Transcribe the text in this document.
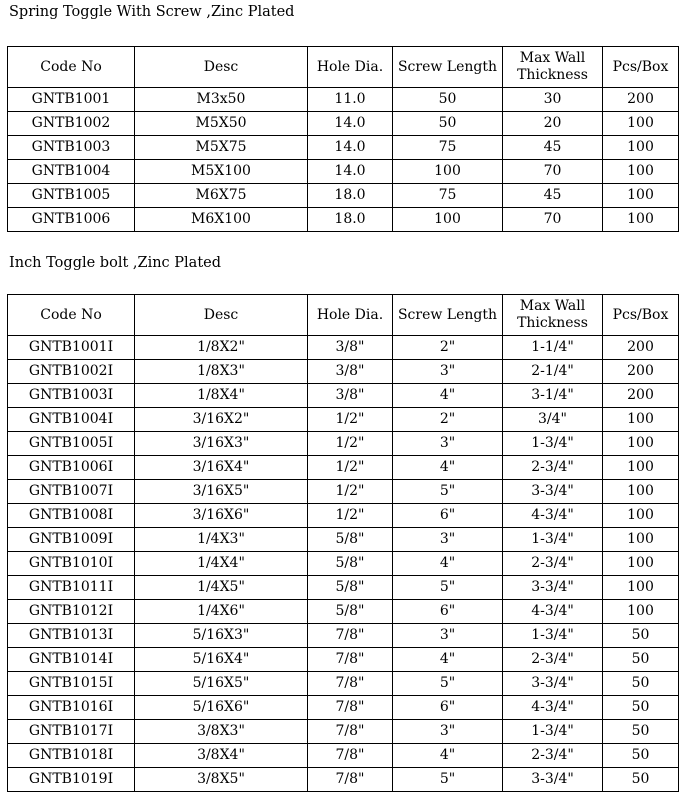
Spring Toggle With Screw ,Zinc Plated
Code No	Desc	Hole Dia.	Screw Length	Max Wall Thickness	Pcs/Box
GNTB1001	M3x50	11.0	50	30	200
GNTB1002	M5X50	14.0	50	20	100
GNTB1003	M5X75	14.0	75	45	100
GNTB1004	M5X100	14.0	100	70	100
GNTB1005	M6X75	18.0	75	45	100
GNTB1006	M6X100	18.0	100	70	100
Inch Toggle bolt ,Zinc Plated
Code No	Desc	Hole Dia.	Screw Length	Max Wall Thickness	Pcs/Box
GNTB1001I	1/8X2"	3/8"	2"	1-1/4"	200
GNTB1002I	1/8X3"	3/8"	3"	2-1/4"	200
GNTB1003I	1/8X4"	3/8"	4"	3-1/4"	200
GNTB1004I	3/16X2"	1/2"	2"	3/4"	100
GNTB1005I	3/16X3"	1/2"	3"	1-3/4"	100
GNTB1006I	3/16X4"	1/2"	4"	2-3/4"	100
GNTB1007I	3/16X5"	1/2"	5"	3-3/4"	100
GNTB1008I	3/16X6"	1/2"	6"	4-3/4"	100
GNTB1009I	1/4X3"	5/8"	3"	1-3/4"	100
GNTB1010I	1/4X4"	5/8"	4"	2-3/4"	100
GNTB1011I	1/4X5"	5/8"	5"	3-3/4"	100
GNTB1012I	1/4X6"	5/8"	6"	4-3/4"	100
GNTB1013I	5/16X3"	7/8"	3"	1-3/4"	50
GNTB1014I	5/16X4"	7/8"	4"	2-3/4"	50
GNTB1015I	5/16X5"	7/8"	5"	3-3/4"	50
GNTB1016I	5/16X6"	7/8"	6"	4-3/4"	50
GNTB1017I	3/8X3"	7/8"	3"	1-3/4"	50
GNTB1018I	3/8X4"	7/8"	4"	2-3/4"	50
GNTB1019I	3/8X5"	7/8"	5"	3-3/4"	50
